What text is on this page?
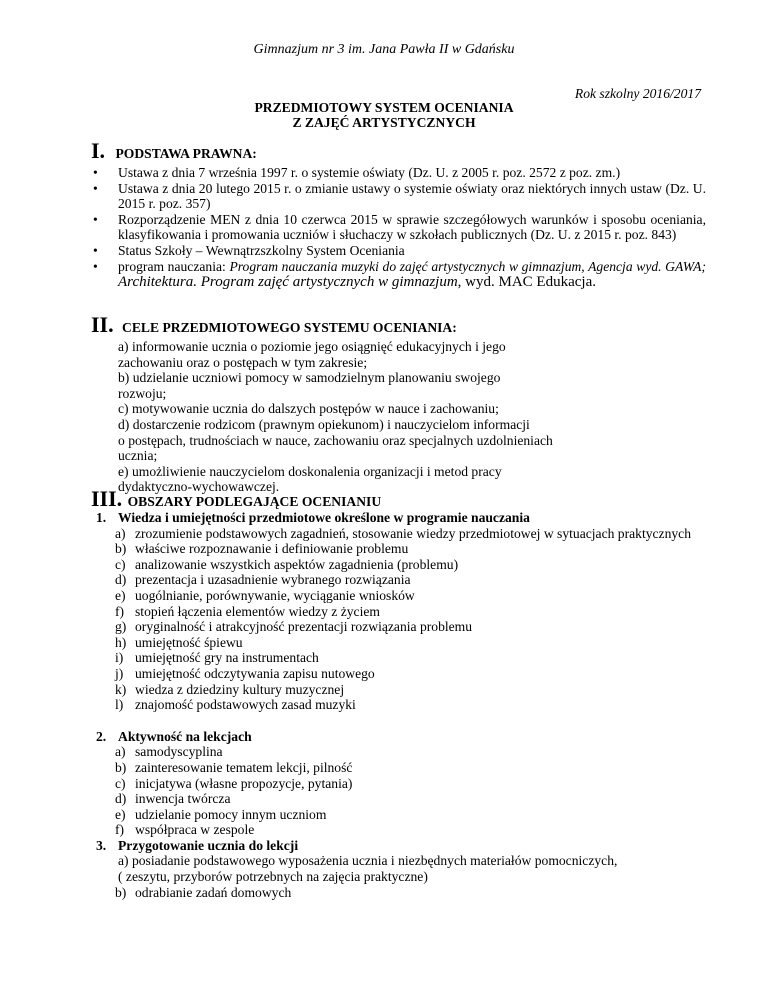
Gimnazjum nr 3 im. Jana Pawła II w Gdańsku
Rok szkolny 2016/2017
PRZEDMIOTOWY SYSTEM OCENIANIA
Z ZAJĘĆ ARTYSTYCZNYCH
I. PODSTAWA PRAWNA:
• Ustawa z dnia 7 września 1997 r. o systemie oświaty (Dz. U. z 2005 r. poz. 2572 z poz. zm.)
• Ustawa z dnia 20 lutego 2015 r. o zmianie ustawy o systemie oświaty oraz niektórych innych ustaw (Dz. U. 2015 r. poz. 357)
• Rozporządzenie MEN z dnia 10 czerwca 2015 w sprawie szczegółowych warunków i sposobu oceniania, klasyfikowania i promowania uczniów i słuchaczy w szkołach publicznych (Dz. U. z 2015 r. poz. 843)
• Status Szkoły – Wewnątrzszkolny System Oceniania
• program nauczania: Program nauczania muzyki do zajęć artystycznych w gimnazjum, Agencja wyd. GAWA; Architektura. Program zajęć artystycznych w gimnazjum, wyd. MAC Edukacja.
II. CELE PRZEDMIOTOWEGO SYSTEMU OCENIANIA:
a) informowanie ucznia o poziomie jego osiągnięć edukacyjnych i jego
zachowaniu oraz o postępach w tym zakresie;
b) udzielanie uczniowi pomocy w samodzielnym planowaniu swojego
rozwoju;
c) motywowanie ucznia do dalszych postępów w nauce i zachowaniu;
d) dostarczenie rodzicom (prawnym opiekunom) i nauczycielom informacji
o postępach, trudnościach w nauce, zachowaniu oraz specjalnych uzdolnieniach
ucznia;
e) umożliwienie nauczycielom doskonalenia organizacji i metod pracy
dydaktyczno-wychowawczej.
III. OBSZARY PODLEGAJĄCE OCENIANIU
1. Wiedza i umiejętności przedmiotowe określone w programie nauczania
a) zrozumienie podstawowych zagadnień, stosowanie wiedzy przedmiotowej w sytuacjach praktycznych
b) właściwe rozpoznawanie i definiowanie problemu
c) analizowanie wszystkich aspektów zagadnienia (problemu)
d) prezentacja i uzasadnienie wybranego rozwiązania
e) uogólnianie, porównywanie, wyciąganie wniosków
f) stopień łączenia elementów wiedzy z życiem
g) oryginalność i atrakcyjność prezentacji rozwiązania problemu
h) umiejętność śpiewu
i) umiejętność gry na instrumentach
j) umiejętność odczytywania zapisu nutowego
k) wiedza z dziedziny kultury muzycznej
l) znajomość podstawowych zasad muzyki
2. Aktywność na lekcjach
a) samodyscyplina
b) zainteresowanie tematem lekcji, pilność
c) inicjatywa (własne propozycje, pytania)
d) inwencja twórcza
e) udzielanie pomocy innym uczniom
f) współpraca w zespole
3. Przygotowanie ucznia do lekcji
a) posiadanie podstawowego wyposażenia ucznia i niezbędnych materiałów pomocniczych,
( zeszytu, przyborów potrzebnych na zajęcia praktyczne)
b) odrabianie zadań domowych
